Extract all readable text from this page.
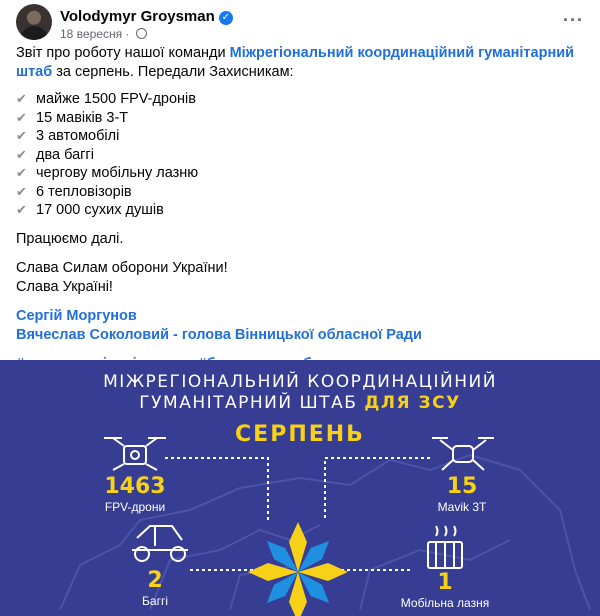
Volodymyr Groysman ✓
18 вересня ·
···

Звіт про роботу нашої команди Міжрегіональний координаційний гуманітарний штаб за серпень. Передали Захисникам:

✔ майже 1500 FPV-дронів
✔ 15 мавіків 3-Т
✔ 3 автомобілі
✔ два баггі
✔ чергову мобільну лазню
✔ 6 тепловізорів
✔ 17 000 сухих душів

Працюємо далі.

Слава Силам оборони України!

Слава Україні!

Сергій Моргунов

Вячеслав Соколовий - голова Вінницької обласної Ради

МІЖРЕГІОНАЛЬНИЙ КООРДИНАЦІЙНИЙ
ГУМАНІТАРНИЙ ШТАБ ДЛЯ ЗСУ
СЕРПЕНЬ
1463
FPV-дрони
15
Mavik 3T
2
Баггі
1
Мобільна лазня
